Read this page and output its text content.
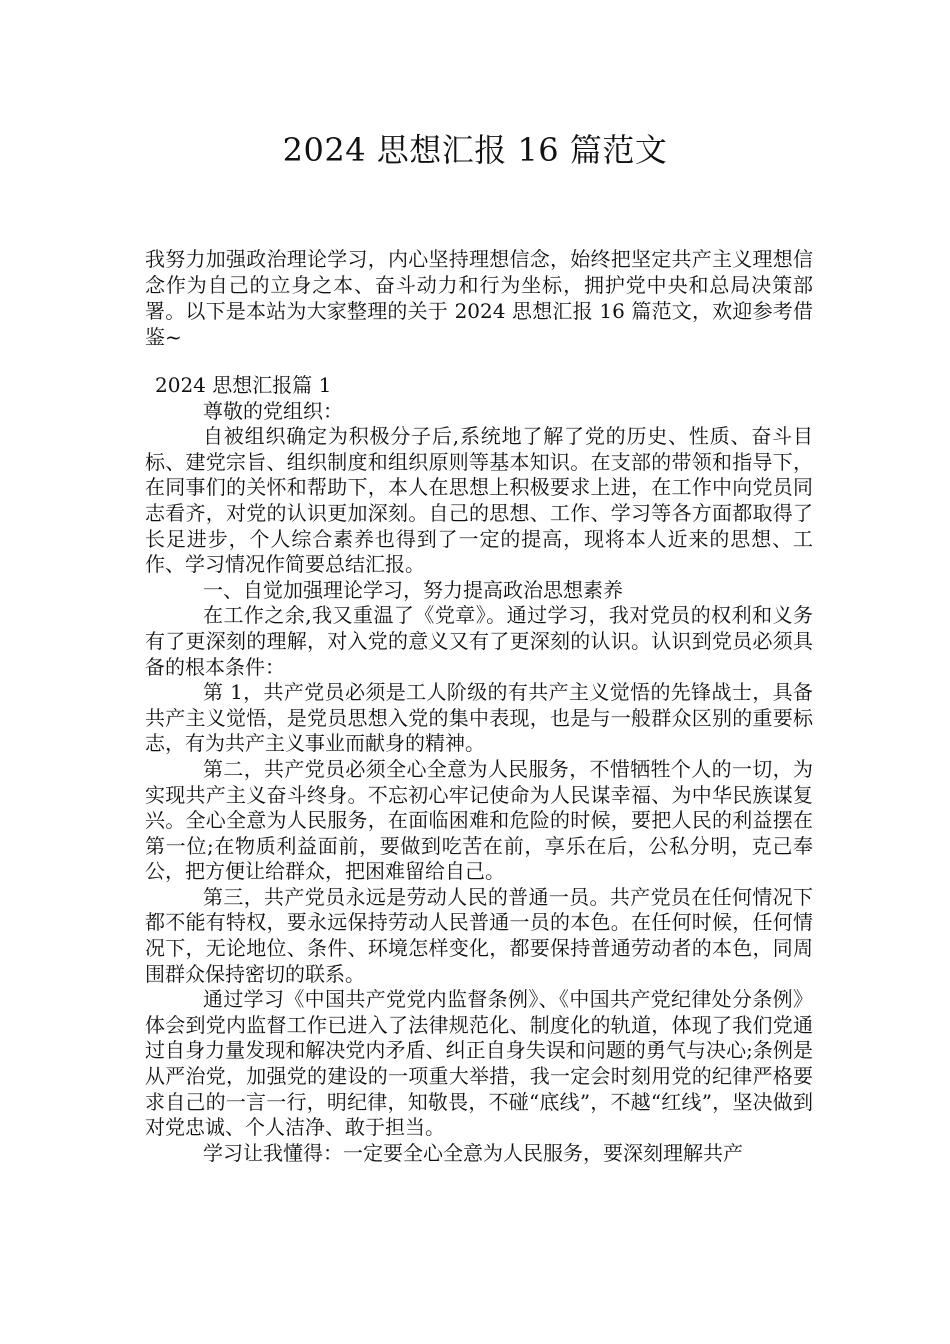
2024 思想汇报 16 篇范文

我努力加强政治理论学习，内心坚持理想信念，始终把坚定共产主义理想信念作为自己的立身之本、奋斗动力和行为坐标，拥护党中央和总局决策部署。以下是本站为大家整理的关于 2024 思想汇报 16 篇范文，欢迎参考借鉴~

2024 思想汇报篇 1

尊敬的党组织：

自被组织确定为积极分子后,系统地了解了党的历史、性质、奋斗目标、建党宗旨、组织制度和组织原则等基本知识。在支部的带领和指导下，在同事们的关怀和帮助下，本人在思想上积极要求上进，在工作中向党员同志看齐，对党的认识更加深刻。自己的思想、工作、学习等各方面都取得了长足进步，个人综合素养也得到了一定的提高，现将本人近来的思想、工作、学习情况作简要总结汇报。

一、自觉加强理论学习，努力提高政治思想素养

在工作之余,我又重温了《党章》。通过学习，我对党员的权利和义务有了更深刻的理解，对入党的意义又有了更深刻的认识。认识到党员必须具备的根本条件：

第 1，共产党员必须是工人阶级的有共产主义觉悟的先锋战士，具备共产主义觉悟，是党员思想入党的集中表现，也是与一般群众区别的重要标志，有为共产主义事业而献身的精神。

第二，共产党员必须全心全意为人民服务，不惜牺牲个人的一切，为实现共产主义奋斗终身。不忘初心牢记使命为人民谋幸福、为中华民族谋复兴。全心全意为人民服务，在面临困难和危险的时候，要把人民的利益摆在第一位;在物质利益面前，要做到吃苦在前，享乐在后，公私分明，克己奉公，把方便让给群众，把困难留给自己。

第三，共产党员永远是劳动人民的普通一员。共产党员在任何情况下都不能有特权，要永远保持劳动人民普通一员的本色。在任何时候，任何情况下，无论地位、条件、环境怎样变化，都要保持普通劳动者的本色，同周围群众保持密切的联系。

通过学习《中国共产党党内监督条例》、《中国共产党纪律处分条例》体会到党内监督工作已进入了法律规范化、制度化的轨道，体现了我们党通过自身力量发现和解决党内矛盾、纠正自身失误和问题的勇气与决心;条例是从严治党，加强党的建设的一项重大举措，我一定会时刻用党的纪律严格要求自己的一言一行，明纪律，知敬畏，不碰“底线”，不越“红线”，坚决做到对党忠诚、个人洁净、敢于担当。

学习让我懂得：一定要全心全意为人民服务，要深刻理解共产
